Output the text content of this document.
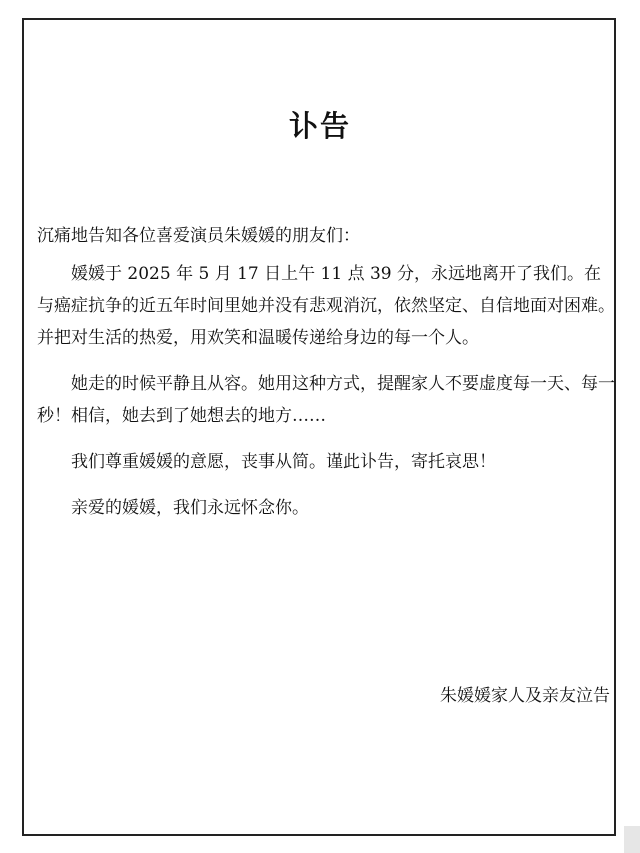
讣告

沉痛地告知各位喜爱演员朱媛媛的朋友们：

媛媛于 2025 年 5 月 17 日上午 11 点 39 分，永远地离开了我们。在与癌症抗争的近五年时间里她并没有悲观消沉，依然坚定、自信地面对困难。并把对生活的热爱，用欢笑和温暖传递给身边的每一个人。

她走的时候平静且从容。她用这种方式，提醒家人不要虚度每一天、每一秒！相信，她去到了她想去的地方……

我们尊重媛媛的意愿，丧事从简。谨此讣告，寄托哀思！

亲爱的媛媛，我们永远怀念你。

朱媛媛家人及亲友泣告
